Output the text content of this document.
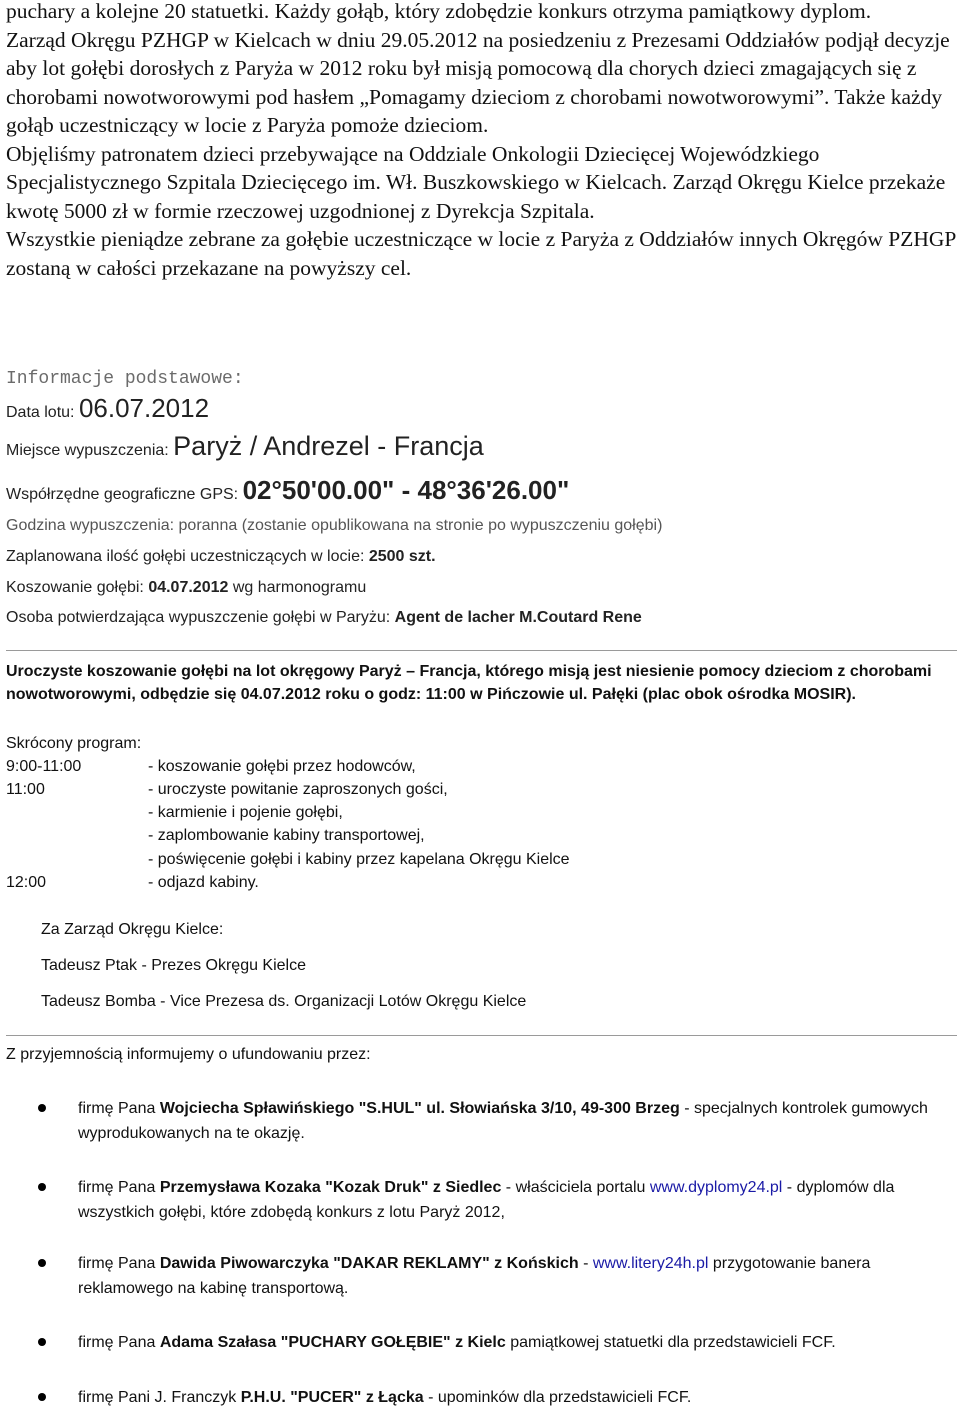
puchary a kolejne 20 statuetki. Każdy gołąb, który zdobędzie konkurs otrzyma pamiątkowy dyplom.
Zarząd Okręgu PZHGP w Kielcach w dniu 29.05.2012 na posiedzeniu z Prezesami Oddziałów podjął decyzje aby lot gołębi dorosłych z Paryża w 2012 roku był misją pomocową dla chorych dzieci zmagających się z chorobami nowotworowymi pod hasłem „Pomagamy dzieciom z chorobami nowotworowymi”. Także każdy gołąb uczestniczący w locie z Paryża pomoże dzieciom.
Objęliśmy patronatem dzieci przebywające na Oddziale Onkologii Dziecięcej Wojewódzkiego Specjalistycznego Szpitala Dziecięcego im. Wł. Buszkowskiego w Kielcach. Zarząd Okręgu Kielce przekaże kwotę 5000 zł w formie rzeczowej uzgodnionej z Dyrekcja Szpitala.
Wszystkie pieniądze zebrane za gołębie uczestniczące w locie z Paryża z Oddziałów innych Okręgów PZHGP zostaną w całości przekazane na powyższy cel.
Informacje podstawowe:
Data lotu: 06.07.2012
Miejsce wypuszczenia: Paryż / Andrezel - Francja
Współrzędne geograficzne GPS: 02°50'00.00" - 48°36'26.00"
Godzina wypuszczenia: poranna (zostanie opublikowana na stronie po wypuszczeniu gołębi)
Zaplanowana ilość gołębi uczestniczących w locie: 2500 szt.
Koszowanie gołębi: 04.07.2012 wg harmonogramu
Osoba potwierdzająca wypuszczenie gołębi w Paryżu: Agent de lacher M.Coutard Rene
Uroczyste koszowanie gołębi na lot okręgowy Paryż – Francja, którego misją jest niesienie pomocy dzieciom z chorobami nowotworowymi, odbędzie się 04.07.2012 roku o godz: 11:00 w Pińczowie ul. Pałęki (plac obok ośrodka MOSIR).
Skrócony program:
9:00-11:00	- koszowanie gołębi przez hodowców,
11:00	- uroczyste powitanie zaproszonych gości,
- karmienie i pojenie gołębi,
- zaplombowanie kabiny transportowej,
- poświęcenie gołębi i kabiny przez kapelana Okręgu Kielce
12:00	- odjazd kabiny.
Za Zarząd Okręgu Kielce:
Tadeusz Ptak - Prezes Okręgu Kielce
Tadeusz Bomba - Vice Prezesa ds. Organizacji Lotów Okręgu Kielce
Z przyjemnością informujemy o ufundowaniu przez:
firmę Pana Wojciecha Spławińskiego "S.HUL" ul. Słowiańska 3/10, 49-300 Brzeg - specjalnych kontrolek gumowych wyprodukowanych na te okazję.
firmę Pana Przemysława Kozaka "Kozak Druk" z Siedlec - właściciela portalu www.dyplomy24.pl - dyplomów dla wszystkich gołębi, które zdobędą konkurs z lotu Paryż 2012,
firmę Pana Dawida Piwowarczyka "DAKAR REKLAMY" z Końskich - www.litery24h.pl przygotowanie banera reklamowego na kabinę transportową.
firmę Pana Adama Szałasa "PUCHARY GOŁĘBIE" z Kielc pamiątkowej statuetki dla przedstawicieli FCF.
firmę Pani J. Franczyk P.H.U. "PUCER" z Łącka - upominków dla przedstawicieli FCF.
